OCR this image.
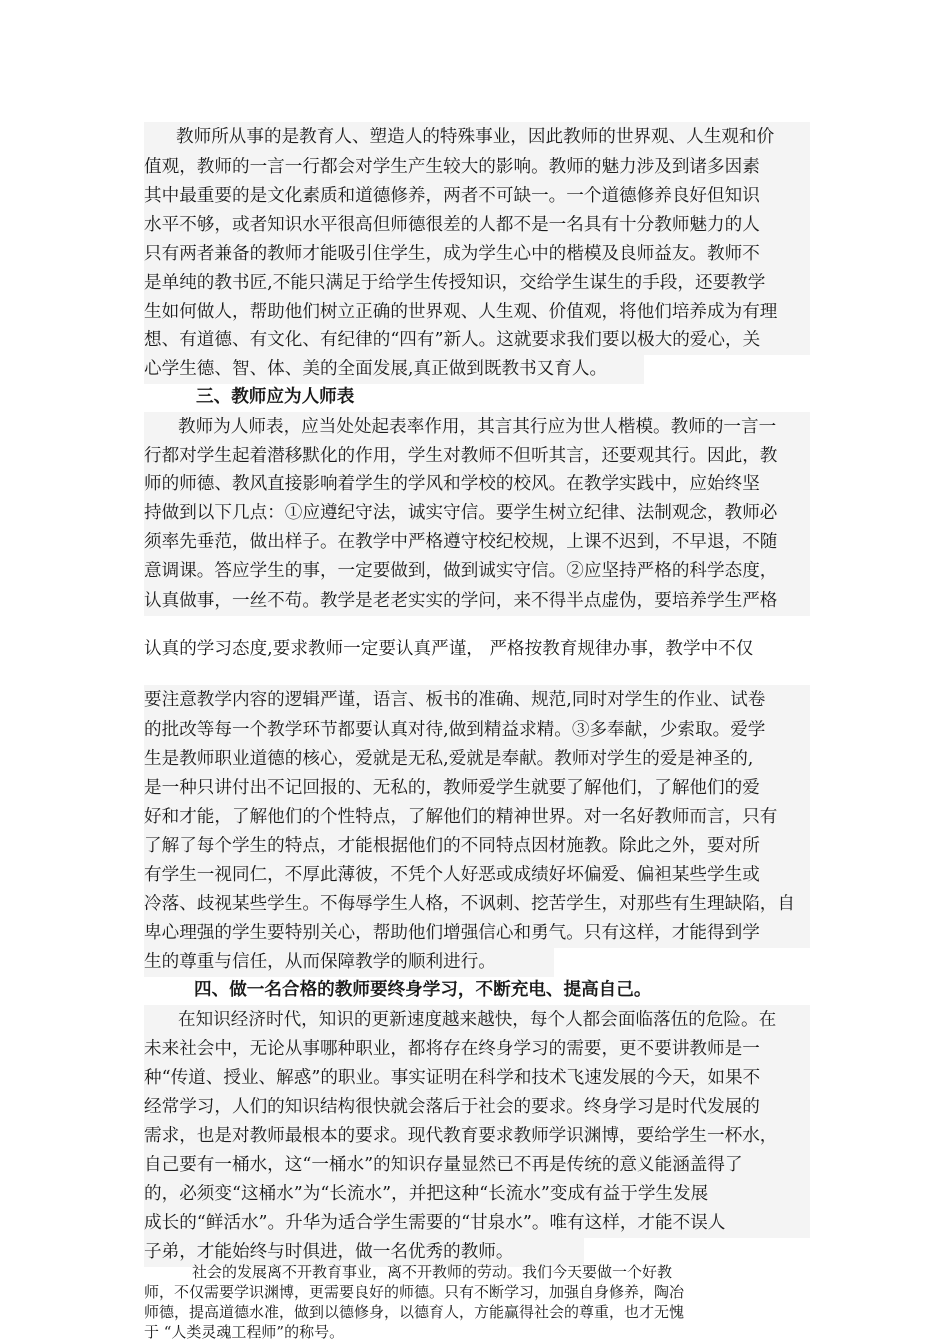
教师所从事的是教育人、塑造人的特殊事业，因此教师的世界观、人生观和价
值观，教师的一言一行都会对学生产生较大的影响。教师的魅力涉及到诸多因素
其中最重要的是文化素质和道德修养，两者不可缺一。一个道德修养良好但知识
水平不够，或者知识水平很高但师德很差的人都不是一名具有十分教师魅力的人
只有两者兼备的教师才能吸引住学生，成为学生心中的楷模及良师益友。教师不
是单纯的教书匠,不能只满足于给学生传授知识，交给学生谋生的手段，还要教学
生如何做人，帮助他们树立正确的世界观、人生观、价值观，将他们培养成为有理
想、有道德、有文化、有纪律的“四有”新人。这就要求我们要以极大的爱心，关
心学生德、智、体、美的全面发展,真正做到既教书又育人。
三、教师应为人师表
教师为人师表，应当处处起表率作用，其言其行应为世人楷模。教师的一言一
行都对学生起着潜移默化的作用，学生对教师不但听其言，还要观其行。因此，教
师的师德、教风直接影响着学生的学风和学校的校风。在教学实践中，应始终坚
持做到以下几点：①应遵纪守法，诚实守信。要学生树立纪律、法制观念，教师必
须率先垂范，做出样子。在教学中严格遵守校纪校规，上课不迟到，不早退，不随
意调课。答应学生的事，一定要做到，做到诚实守信。②应坚持严格的科学态度，
认真做事，一丝不苟。教学是老老实实的学问，来不得半点虚伪，要培养学生严格
认真的学习态度,要求教师一定要认真严谨， 严格按教育规律办事，教学中不仅
要注意教学内容的逻辑严谨，语言、板书的准确、规范,同时对学生的作业、试卷
的批改等每一个教学环节都要认真对待,做到精益求精。③多奉献，少索取。爱学
生是教师职业道德的核心，爱就是无私,爱就是奉献。教师对学生的爱是神圣的,
是一种只讲付出不记回报的、无私的，教师爱学生就要了解他们，了解他们的爱
好和才能，了解他们的个性特点，了解他们的精神世界。对一名好教师而言，只有
了解了每个学生的特点，才能根据他们的不同特点因材施教。除此之外，要对所
有学生一视同仁，不厚此薄彼，不凭个人好恶或成绩好坏偏爱、偏袒某些学生或
冷落、歧视某些学生。不侮辱学生人格，不讽刺、挖苦学生，对那些有生理缺陷，自
卑心理强的学生要特别关心，帮助他们增强信心和勇气。只有这样，才能得到学
生的尊重与信任，从而保障教学的顺利进行。
四、做一名合格的教师要终身学习，不断充电、提高自己。
在知识经济时代，知识的更新速度越来越快，每个人都会面临落伍的危险。在
未来社会中，无论从事哪种职业，都将存在终身学习的需要，更不要讲教师是一
种“传道、授业、解惑”的职业。事实证明在科学和技术飞速发展的今天，如果不
经常学习，人们的知识结构很快就会落后于社会的要求。终身学习是时代发展的
需求，也是对教师最根本的要求。现代教育要求教师学识渊博，要给学生一杯水，
自己要有一桶水，这“一桶水”的知识存量显然已不再是传统的意义能涵盖得了
的，必须变“这桶水”为“长流水”，并把这种“长流水”变成有益于学生发展
成长的“鲜活水”。升华为适合学生需要的“甘泉水”。唯有这样，才能不误人
子弟，才能始终与时俱进，做一名优秀的教师。
社会的发展离不开教育事业，离不开教师的劳动。我们今天要做一个好教
师，不仅需要学识渊博，更需要良好的师德。只有不断学习，加强自身修养，陶冶
师德，提高道德水准，做到以德修身，以德育人，方能赢得社会的尊重，也才无愧
于 “人类灵魂工程师”的称号。
